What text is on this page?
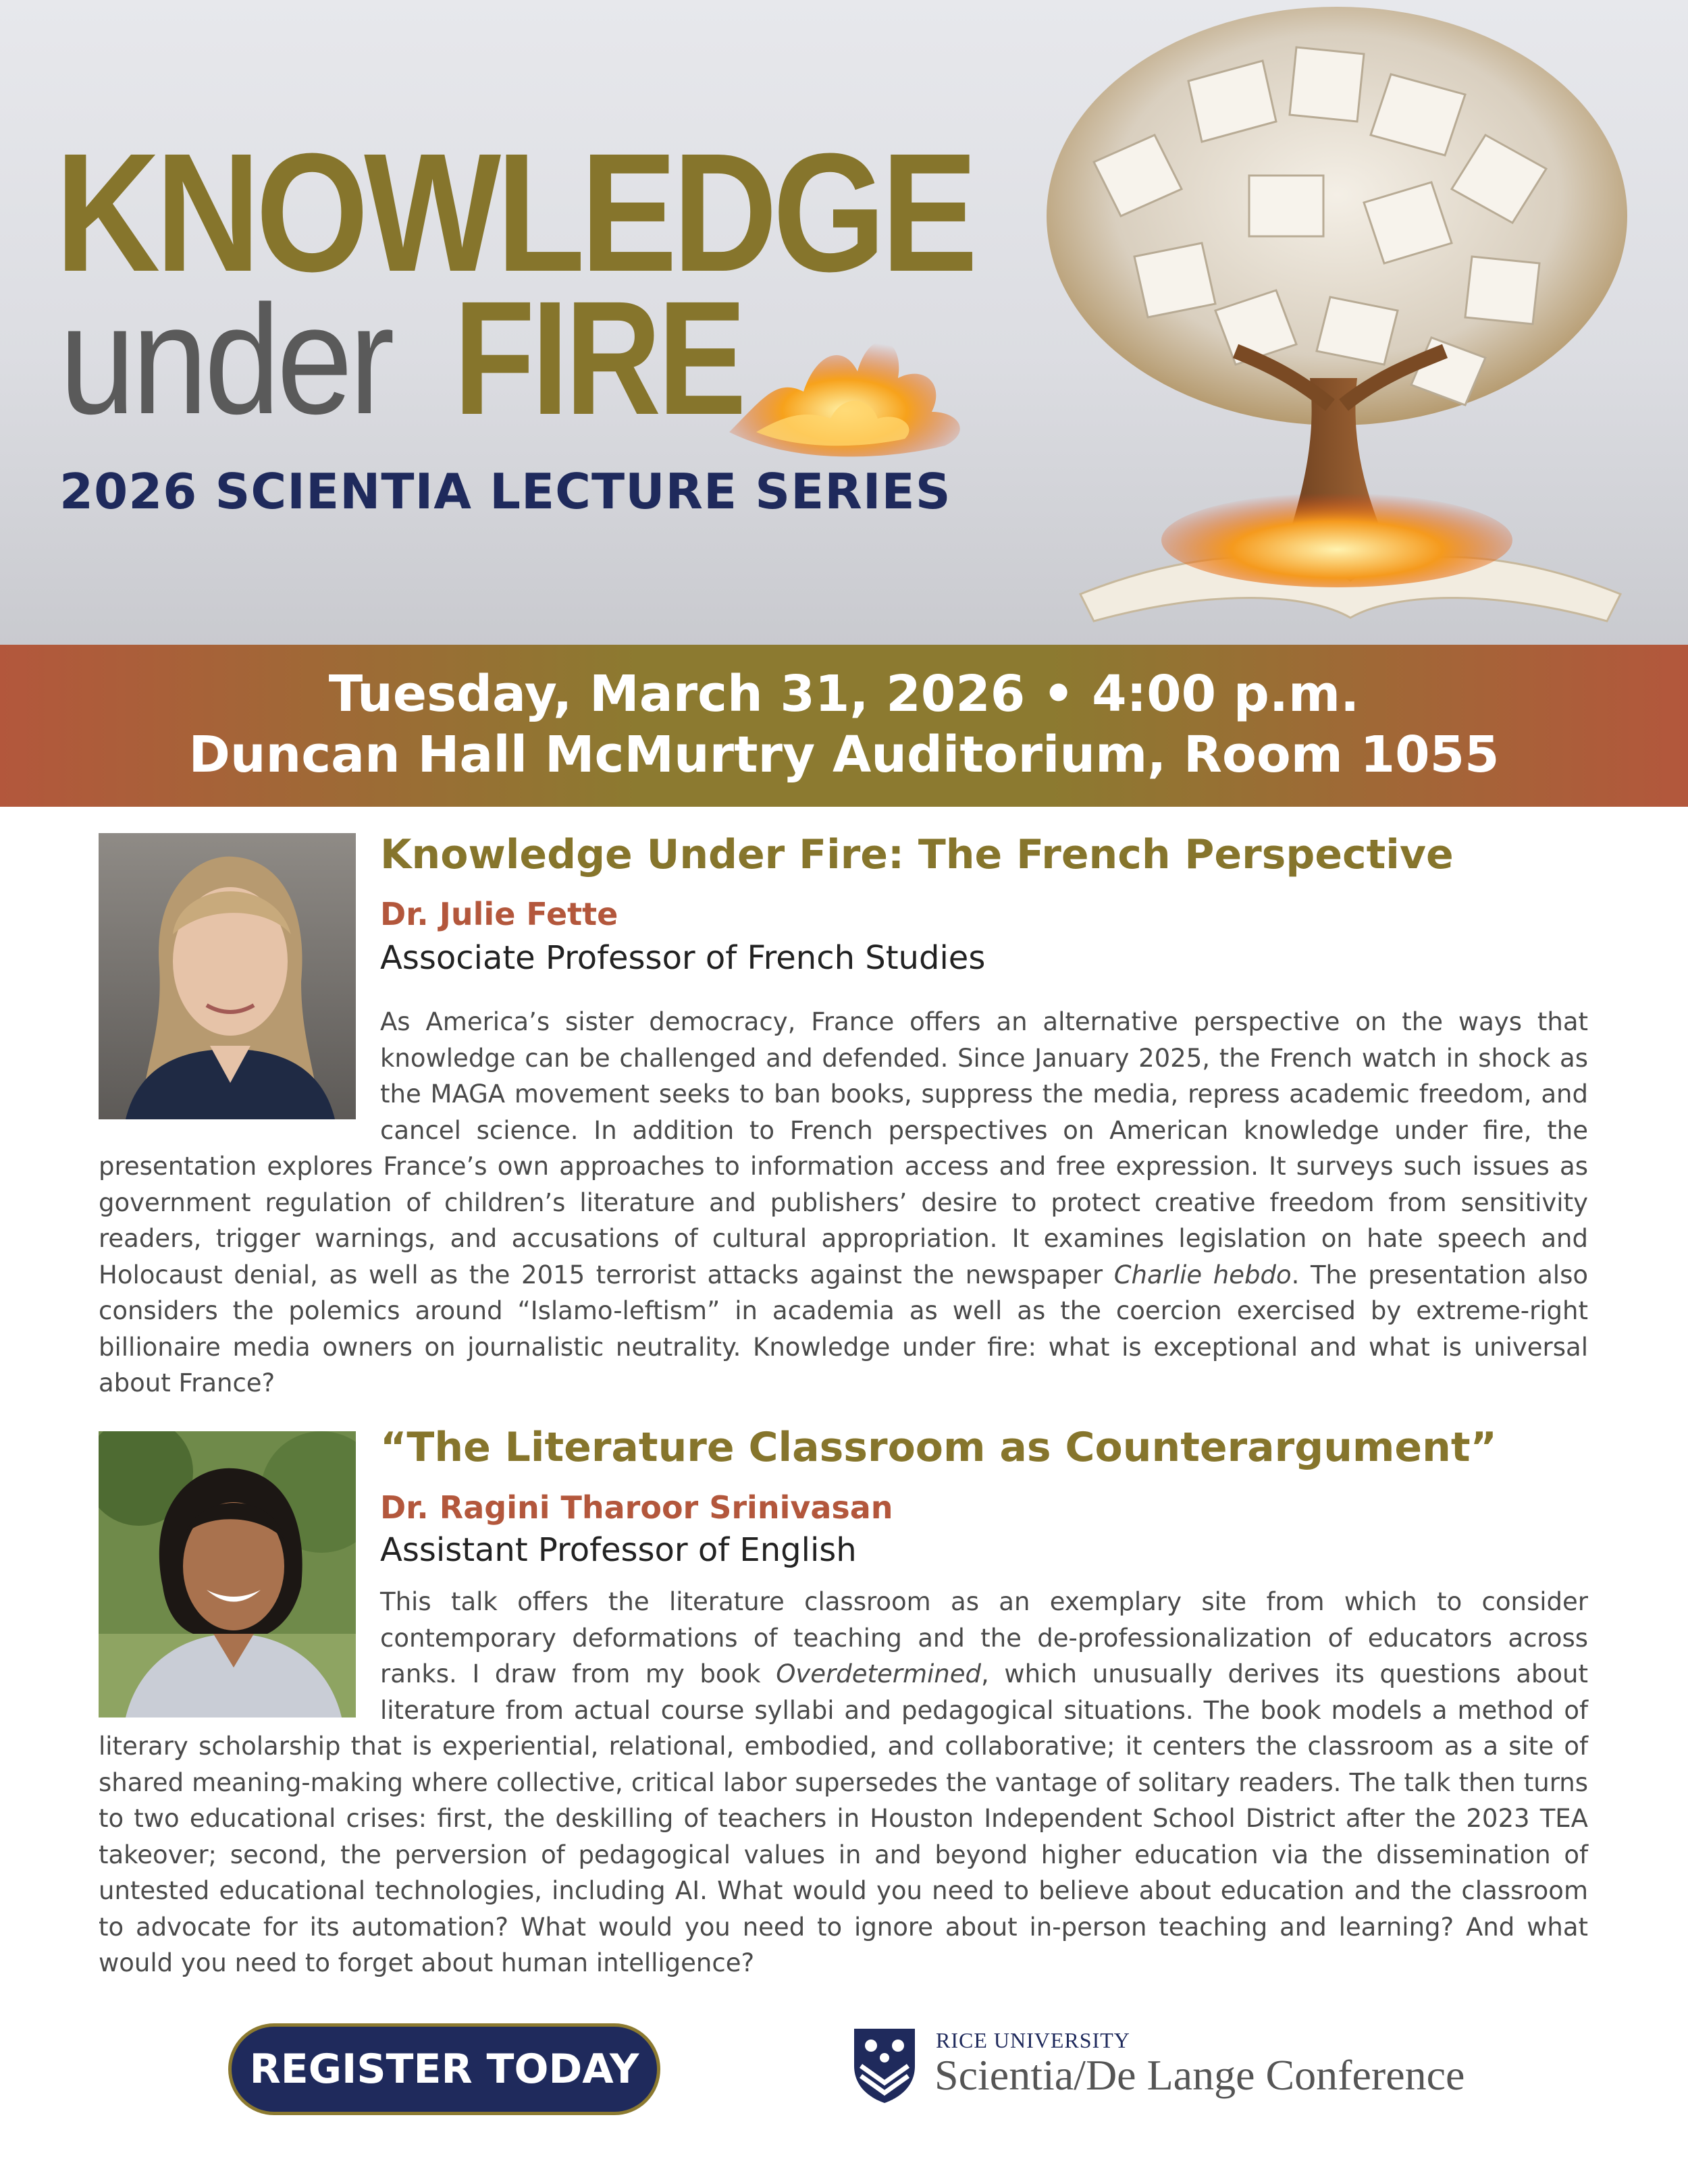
KNOWLEDGE
under FIRE
2026 SCIENTIA LECTURE SERIES
Tuesday, March 31, 2026 • 4:00 p.m.
Duncan Hall McMurtry Auditorium, Room 1055
Knowledge Under Fire: The French Perspective
Dr. Julie Fette
Associate Professor of French Studies

As America’s sister democracy, France offers an alternative perspective on the ways that knowledge can be challenged and defended. Since January 2025, the French watch in shock as the MAGA movement seeks to ban books, suppress the media, repress academic freedom, and cancel science. In addition to French perspectives on American knowledge under fire, the presentation explores France’s own approaches to information access and free expression. It surveys such issues as government regulation of children’s literature and publishers’ desire to protect creative freedom from sensitivity readers, trigger warnings, and accusations of cultural appropriation. It examines legislation on hate speech and Holocaust denial, as well as the 2015 terrorist attacks against the newspaper Charlie hebdo. The presentation also considers the polemics around “Islamo-leftism” in academia as well as the coercion exercised by extreme-right billionaire media owners on journalistic neutrality. Knowledge under fire: what is exceptional and what is universal about France?

“The Literature Classroom as Counterargument”
Dr. Ragini Tharoor Srinivasan
Assistant Professor of English

This talk offers the literature classroom as an exemplary site from which to consider contemporary deformations of teaching and the de-professionalization of educators across ranks. I draw from my book Overdetermined, which unusually derives its questions about literature from actual course syllabi and pedagogical situations. The book models a method of literary scholarship that is experiential, relational, embodied, and collaborative; it centers the classroom as a site of shared meaning-making where collective, critical labor supersedes the vantage of solitary readers. The talk then turns to two educational crises: first, the deskilling of teachers in Houston Independent School District after the 2023 TEA takeover; second, the perversion of pedagogical values in and beyond higher education via the dissemination of untested educational technologies, including AI. What would you need to believe about education and the classroom to advocate for its automation? What would you need to ignore about in-person teaching and learning? And what would you need to forget about human intelligence?

REGISTER TODAY
RICE UNIVERSITY
Scientia/De Lange Conference
